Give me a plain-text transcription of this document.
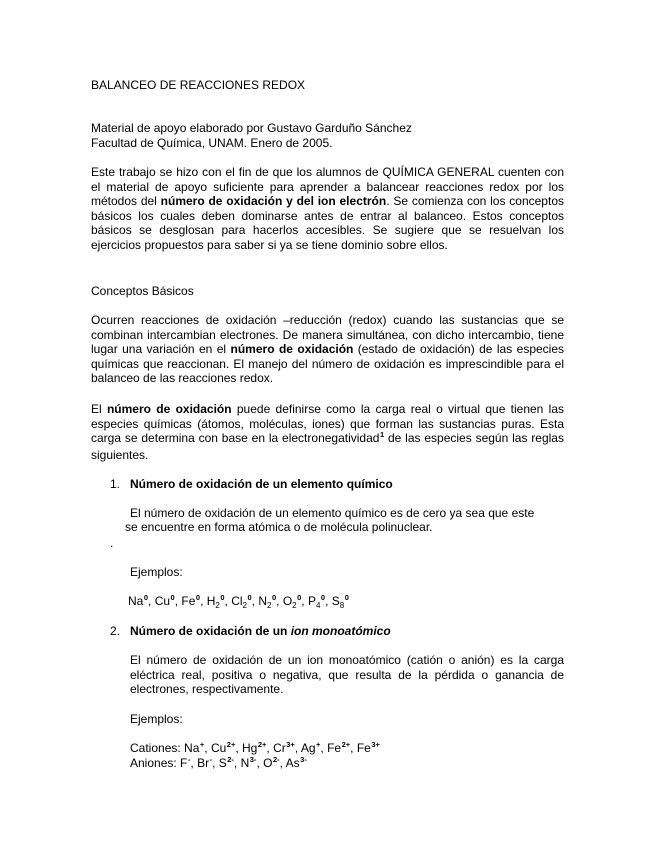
BALANCEO DE REACCIONES REDOX

Material de apoyo elaborado por Gustavo Garduño Sánchez

Facultad de Química, UNAM. Enero de 2005.

Este trabajo se hizo con el fin de que los alumnos de QUÍMICA GENERAL cuenten con el material de apoyo suficiente para aprender a balancear reacciones redox por los métodos del número de oxidación y del ion electrón. Se comienza con los conceptos básicos los cuales deben dominarse antes de entrar al balanceo. Estos conceptos básicos se desglosan para hacerlos accesibles. Se sugiere que se resuelvan los ejercicios propuestos para saber si ya se tiene dominio sobre ellos.

Conceptos Básicos

Ocurren reacciones de oxidación –reducción (redox) cuando las sustancias que se combinan intercambian electrones. De manera simultánea, con dicho intercambio, tiene lugar una variación en el número de oxidación (estado de oxidación) de las especies químicas que reaccionan. El manejo del número de oxidación es imprescindible para el balanceo de las reacciones redox.

El número de oxidación puede definirse como la carga real o virtual que tienen las especies químicas (átomos, moléculas, iones) que forman las sustancias puras. Esta carga se determina con base en la electronegatividad$^1$ de las especies según las reglas siguientes.

1. Número de oxidación de un elemento químico

El número de oxidación de un elemento químico es de cero ya sea que este se encuentre en forma atómica o de molécula polinuclear.

.

Ejemplos:

Na$^0$, Cu$^0$, Fe$^0$, $H_2^0$, $Cl_2^0$, $N_2^0$, $O_2^0$, $P_4^0$, $S_8^0$

2. Número de oxidación de un ion monoatómico

El número de oxidación de un ion monoatómico (catión o anión) es la carga eléctrica real, positiva o negativa, que resulta de la pérdida o ganancia de electrones, respectivamente.

Ejemplos:

Cationes: Na+, $Cu^{2+}$, $Hg^{2+}$, $Cr^{3+}$, Ag+, $Fe^{2+}$, $Fe^{3+}$

Aniones: F-, Br-, $S^{2-}$, $N^{3-}$, $O^{2-}$, $As^{3-}$
